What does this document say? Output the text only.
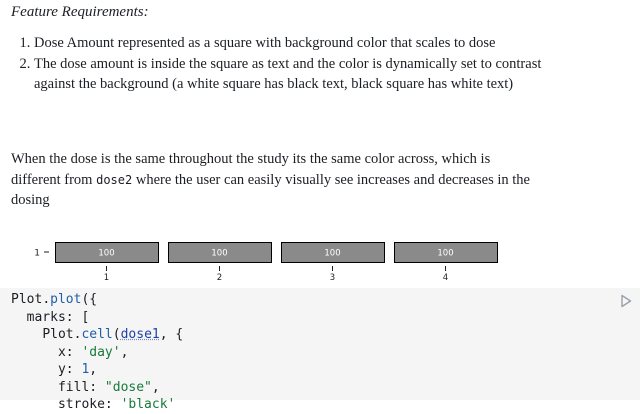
Feature Requirements:
1. Dose Amount represented as a square with background color that scales to dose
2. The dose amount is inside the square as text and the color is dynamically set to contrast against the background (a white square has black text, black square has white text)

When the dose is the same throughout the study its the same color across, which is different from dose2 where the user can easily visually see increases and decreases in the dosing

1	100
1
100
2
100
3
100
4
Plot.plot({
marks: [
Plot.cell(dose1, {
x: 'day',
y: 1,
fill: "dose",
stroke: 'black'
